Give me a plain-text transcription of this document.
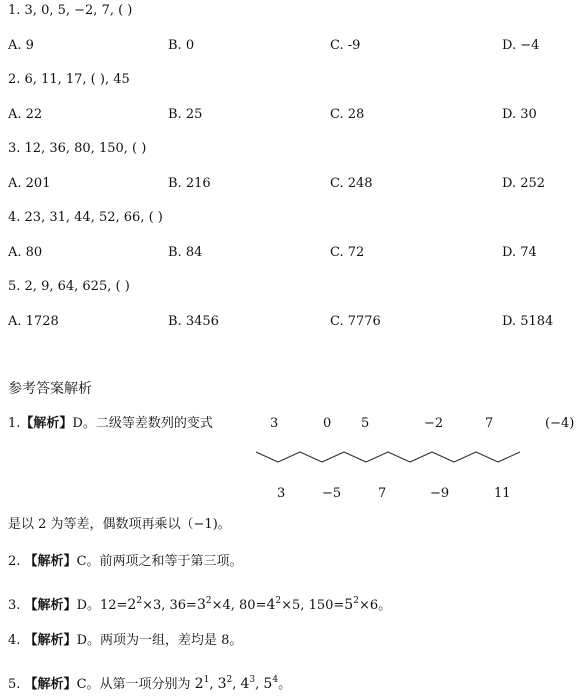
1. 3, 0, 5, −2, 7, ( )
A. 9	B. 0	C. -9	D. −4
2. 6, 11, 17, ( ), 45
A. 22	B. 25	C. 28	D. 30
3. 12, 36, 80, 150, ( )
A. 201	B. 216	C. 248	D. 252
4. 23, 31, 44, 52, 66, ( )
A. 80	B. 84	C. 72	D. 74
5. 2, 9, 64, 625, ( )
A. 1728	B. 3456	C. 7776	D. 5184
参考答案解析
1.【解析】D。二级等差数列的变式	3	0 5	−2	7	(−4)
3	−5	7	−9	11
是以 2 为等差，偶数项再乘以（−1)。
2. 【解析】C。前两项之和等于第三项。
3. 【解析】D。$12=2^2\times 3$, $36=3^2\times 4$, $80=4^2\times 5$, $150=5^2\times 6$。
4. 【解析】D。两项为一组，差均是 8。
5. 【解析】C。从第一项分别为 $2^1$, $3^2$, $4^3$, $5^4$。
